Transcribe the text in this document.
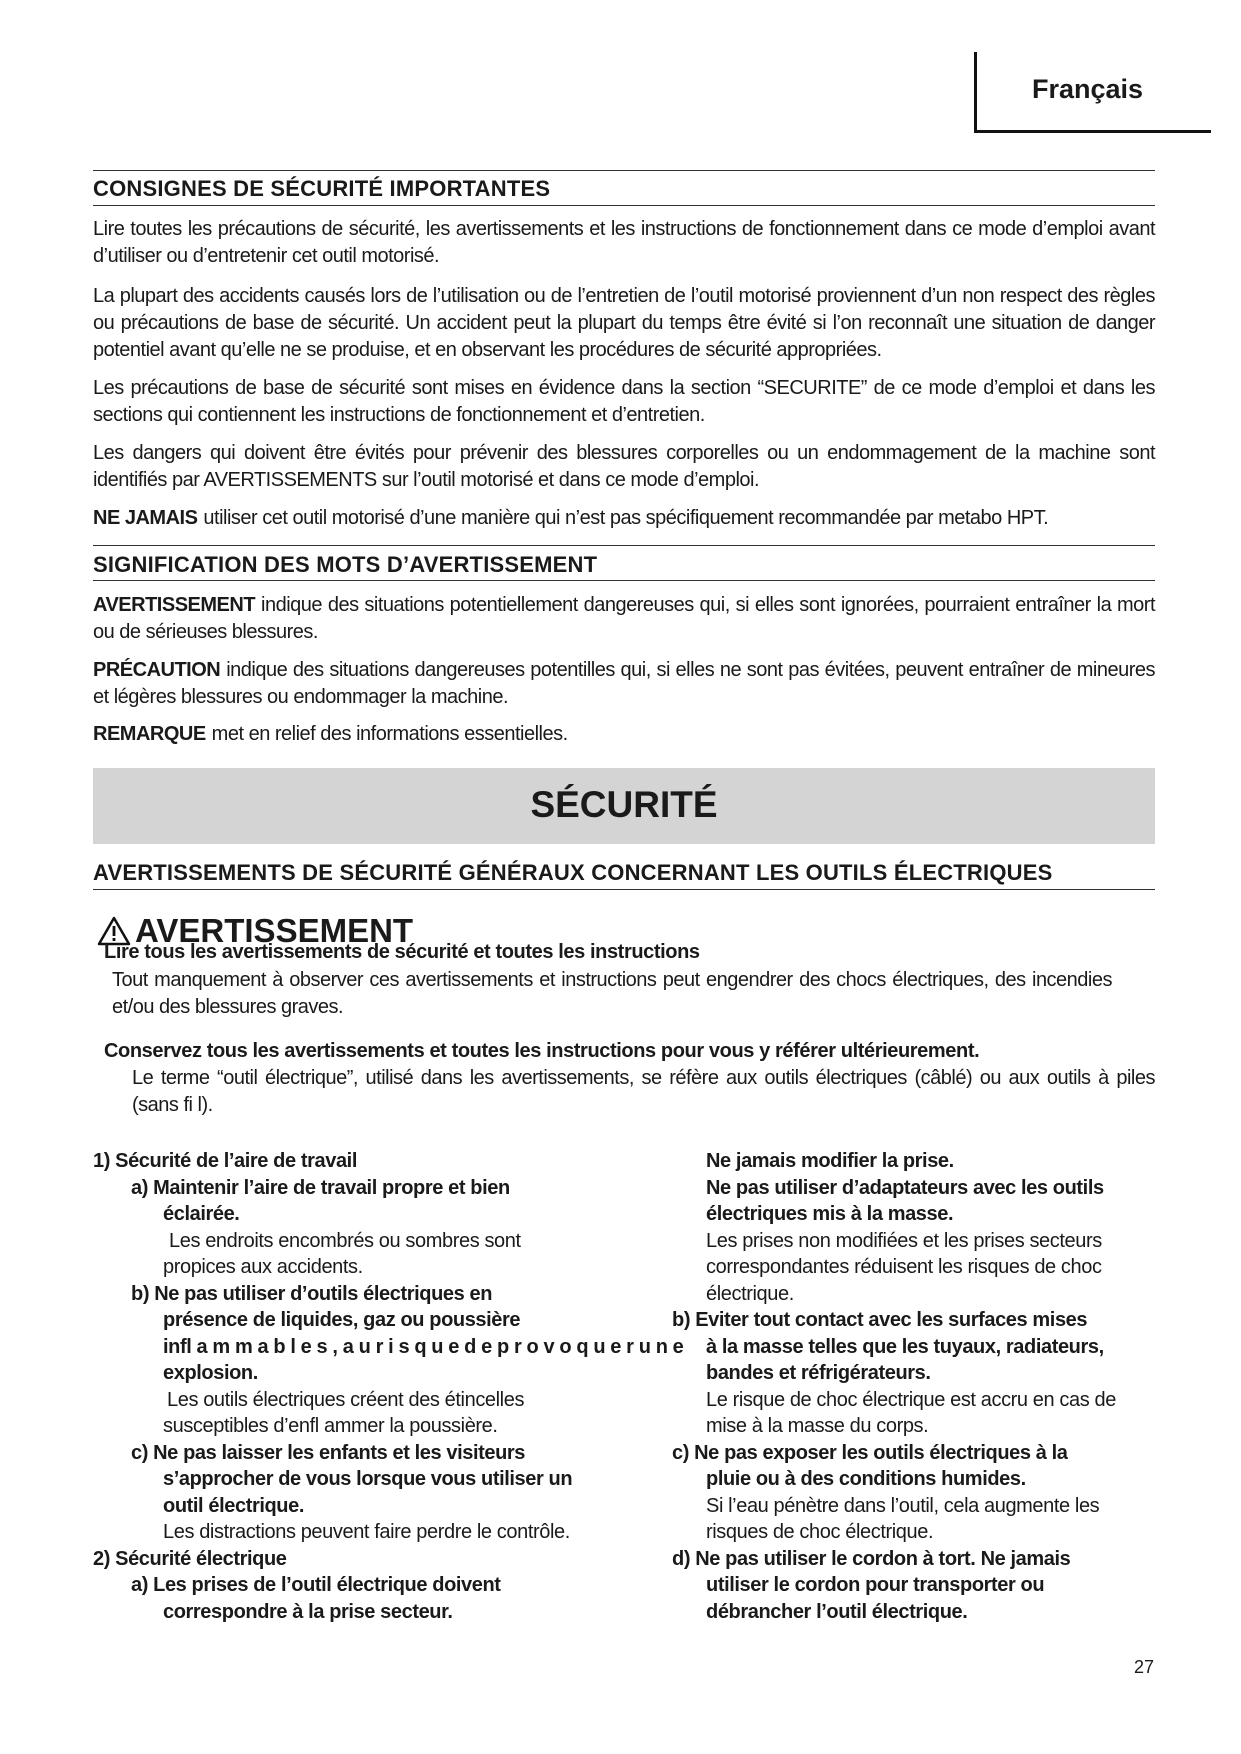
Français
CONSIGNES DE SÉCURITÉ IMPORTANTES

Lire toutes les précautions de sécurité, les avertissements et les instructions de fonctionnement dans ce mode d’emploi avant d’utiliser ou d’entretenir cet outil motorisé.

La plupart des accidents causés lors de l’utilisation ou de l’entretien de l’outil motorisé proviennent d’un non respect des règles ou précautions de base de sécurité. Un accident peut la plupart du temps être évité si l’on reconnaît une situation de danger potentiel avant qu’elle ne se produise, et en observant les procédures de sécurité appropriées.

Les précautions de base de sécurité sont mises en évidence dans la section “SECURITE” de ce mode d’emploi et dans les sections qui contiennent les instructions de fonctionnement et d’entretien.

Les dangers qui doivent être évités pour prévenir des blessures corporelles ou un endommagement de la machine sont identifiés par AVERTISSEMENTS sur l’outil motorisé et dans ce mode d’emploi.

NE JAMAIS utiliser cet outil motorisé d’une manière qui n’est pas spécifiquement recommandée par metabo HPT.

SIGNIFICATION DES MOTS D’AVERTISSEMENT

AVERTISSEMENT indique des situations potentiellement dangereuses qui, si elles sont ignorées, pourraient entraîner la mort ou de sérieuses blessures.

PRÉCAUTION indique des situations dangereuses potentilles qui, si elles ne sont pas évitées, peuvent entraîner de mineures et légères blessures ou endommager la machine.

REMARQUE met en relief des informations essentielles.

SÉCURITÉ
AVERTISSEMENTS DE SÉCURITÉ GÉNÉRAUX CONCERNANT LES OUTILS ÉLECTRIQUES
AVERTISSEMENT
Lire tous les avertissements de sécurité et toutes les instructions

Tout manquement à observer ces avertissements et instructions peut engendrer des chocs électriques, des incendies et/ou des blessures graves.

Conservez tous les avertissements et toutes les instructions pour vous y référer ultérieurement.

Le terme “outil électrique”, utilisé dans les avertissements, se réfère aux outils électriques (câblé) ou aux outils à piles (sans fi l).

1) Sécurité de l’aire de travail
a) Maintenir l’aire de travail propre et bien
éclairée.
Les endroits encombrés ou sombres sont
propices aux accidents.
b) Ne pas utiliser d’outils électriques en
présence de liquides, gaz ou poussière
infl a m m a b l e s , a u r i s q u e d e p r o v o q u e r u n e
explosion.
Les outils électriques créent des étincelles
susceptibles d’enfl ammer la poussière.
c) Ne pas laisser les enfants et les visiteurs
s’approcher de vous lorsque vous utiliser un
outil électrique.
Les distractions peuvent faire perdre le contrôle.
2) Sécurité électrique
a) Les prises de l’outil électrique doivent
correspondre à la prise secteur.
Ne jamais modifier la prise.
Ne pas utiliser d’adaptateurs avec les outils
électriques mis à la masse.
Les prises non modifiées et les prises secteurs
correspondantes réduisent les risques de choc
électrique.
b) Eviter tout contact avec les surfaces mises
à la masse telles que les tuyaux, radiateurs,
bandes et réfrigérateurs.
Le risque de choc électrique est accru en cas de
mise à la masse du corps.
c) Ne pas exposer les outils électriques à la
pluie ou à des conditions humides.
Si l’eau pénètre dans l’outil, cela augmente les
risques de choc électrique.
d) Ne pas utiliser le cordon à tort. Ne jamais
utiliser le cordon pour transporter ou
débrancher l’outil électrique.
27
